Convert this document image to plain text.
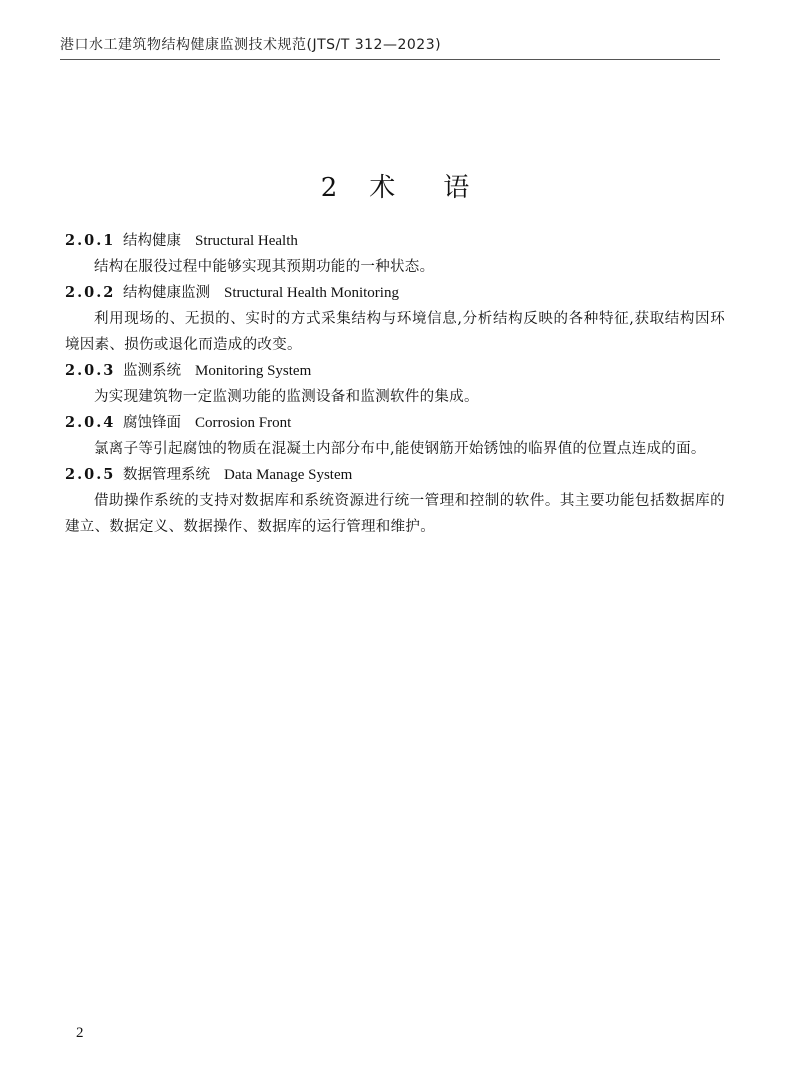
港口水工建筑物结构健康监测技术规范(JTS/T 312—2023)
2 术 语
2.0.1 结构健康 Structural Health

结构在服役过程中能够实现其预期功能的一种状态。

2.0.2 结构健康监测 Structural Health Monitoring

利用现场的、无损的、实时的方式采集结构与环境信息,分析结构反映的各种特征,获取结构因环境因素、损伤或退化而造成的改变。

2.0.3 监测系统 Monitoring System

为实现建筑物一定监测功能的监测设备和监测软件的集成。

2.0.4 腐蚀锋面 Corrosion Front

氯离子等引起腐蚀的物质在混凝土内部分布中,能使钢筋开始锈蚀的临界值的位置点连成的面。

2.0.5 数据管理系统 Data Manage System

借助操作系统的支持对数据库和系统资源进行统一管理和控制的软件。其主要功能包括数据库的建立、数据定义、数据操作、数据库的运行管理和维护。

2
